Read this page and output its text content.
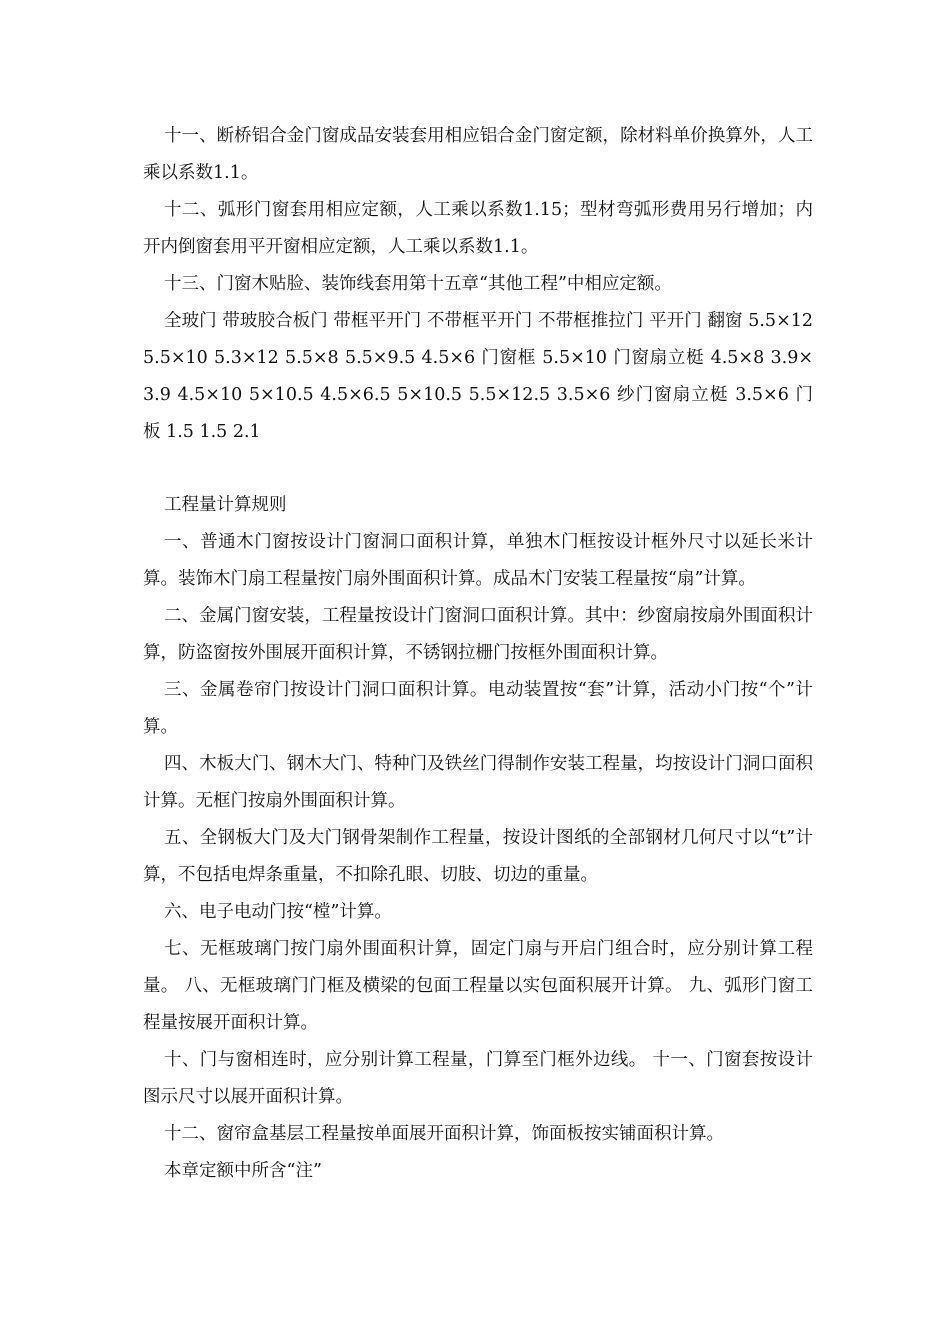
十一、断桥铝合金门窗成品安装套用相应铝合金门窗定额，除材料单价换算外，人工乘以系数1.1。

十二、弧形门窗套用相应定额，人工乘以系数1.15；型材弯弧形费用另行增加；内开内倒窗套用平开窗相应定额，人工乘以系数1.1。

十三、门窗木贴脸、装饰线套用第十五章“其他工程”中相应定额。

全玻门 带玻胶合板门 带框平开门 不带框平开门 不带框推拉门 平开门 翻窗 5.5×12 5.5×10 5.3×12 5.5×8 5.5×9.5 4.5×6 门窗框 5.5×10 门窗扇立梃 4.5×8 3.9×3.9 4.5×10 5×10.5 4.5×6.5 5×10.5 5.5×12.5 3.5×6 纱门窗扇立梃 3.5×6 门板 1.5 1.5 2.1

工程量计算规则

一、普通木门窗按设计门窗洞口面积计算，单独木门框按设计框外尺寸以延长米计算。装饰木门扇工程量按门扇外围面积计算。成品木门安装工程量按“扇”计算。

二、金属门窗安装，工程量按设计门窗洞口面积计算。其中：纱窗扇按扇外围面积计算，防盗窗按外围展开面积计算，不锈钢拉栅门按框外围面积计算。

三、金属卷帘门按设计门洞口面积计算。电动装置按“套”计算，活动小门按“个”计算。

四、木板大门、钢木大门、特种门及铁丝门得制作安装工程量，均按设计门洞口面积计算。无框门按扇外围面积计算。

五、全钢板大门及大门钢骨架制作工程量，按设计图纸的全部钢材几何尺寸以“t”计算，不包括电焊条重量，不扣除孔眼、切肢、切边的重量。

六、电子电动门按“樘”计算。

七、无框玻璃门按门扇外围面积计算，固定门扇与开启门组合时，应分别计算工程量。 八、无框玻璃门门框及横梁的包面工程量以实包面积展开计算。 九、弧形门窗工程量按展开面积计算。

十、门与窗相连时，应分别计算工程量，门算至门框外边线。 十一、门窗套按设计图示尺寸以展开面积计算。

十二、窗帘盒基层工程量按单面展开面积计算，饰面板按实铺面积计算。

本章定额中所含“注”
